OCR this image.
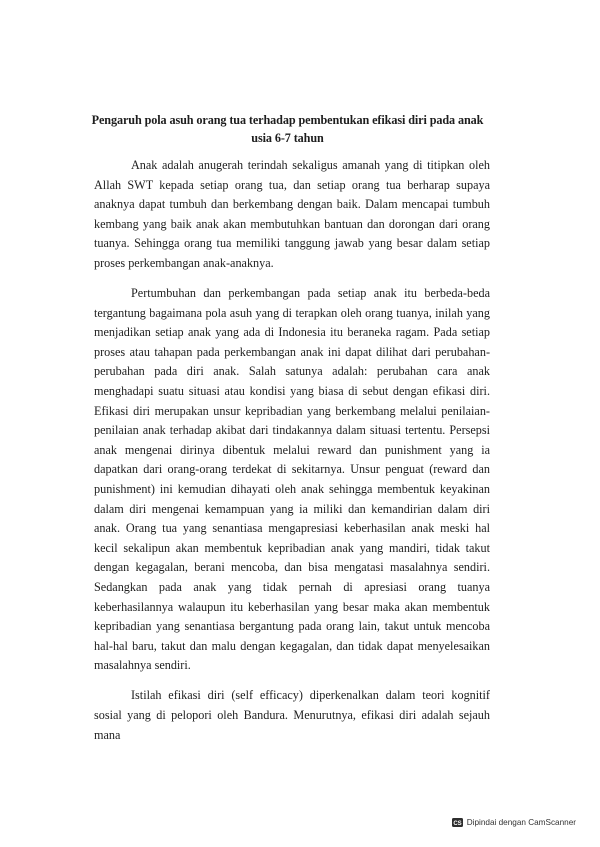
Pengaruh pola asuh orang tua terhadap pembentukan efikasi diri pada anak usia 6-7 tahun

Anak adalah anugerah terindah sekaligus amanah yang di titipkan oleh Allah SWT kepada setiap orang tua, dan setiap orang tua berharap supaya anaknya dapat tumbuh dan berkembang dengan baik. Dalam mencapai tumbuh kembang yang baik anak akan membutuhkan bantuan dan dorongan dari orang tuanya. Sehingga orang tua memiliki tanggung jawab yang besar dalam setiap proses perkembangan anak-anaknya.

Pertumbuhan dan perkembangan pada setiap anak itu berbeda-beda tergantung bagaimana pola asuh yang di terapkan oleh orang tuanya, inilah yang menjadikan setiap anak yang ada di Indonesia itu beraneka ragam. Pada setiap proses atau tahapan pada perkembangan anak ini dapat dilihat dari perubahan-perubahan pada diri anak. Salah satunya adalah: perubahan cara anak menghadapi suatu situasi atau kondisi yang biasa di sebut dengan efikasi diri. Efikasi diri merupakan unsur kepribadian yang berkembang melalui penilaian-penilaian anak terhadap akibat dari tindakannya dalam situasi tertentu. Persepsi anak mengenai dirinya dibentuk melalui reward dan punishment yang ia dapatkan dari orang-orang terdekat di sekitarnya. Unsur penguat (reward dan punishment) ini kemudian dihayati oleh anak sehingga membentuk keyakinan dalam diri mengenai kemampuan yang ia miliki dan kemandirian dalam diri anak. Orang tua yang senantiasa mengapresiasi keberhasilan anak meski hal kecil sekalipun akan membentuk kepribadian anak yang mandiri, tidak takut dengan kegagalan, berani mencoba, dan bisa mengatasi masalahnya sendiri. Sedangkan pada anak yang tidak pernah di apresiasi orang tuanya keberhasilannya walaupun itu keberhasilan yang besar maka akan membentuk kepribadian yang senantiasa bergantung pada orang lain, takut untuk mencoba hal-hal baru, takut dan malu dengan kegagalan, dan tidak dapat menyelesaikan masalahnya sendiri.

Istilah efikasi diri (self efficacy) diperkenalkan dalam teori kognitif sosial yang di pelopori oleh Bandura. Menurutnya, efikasi diri adalah sejauh mana

CS Dipindai dengan CamScanner
